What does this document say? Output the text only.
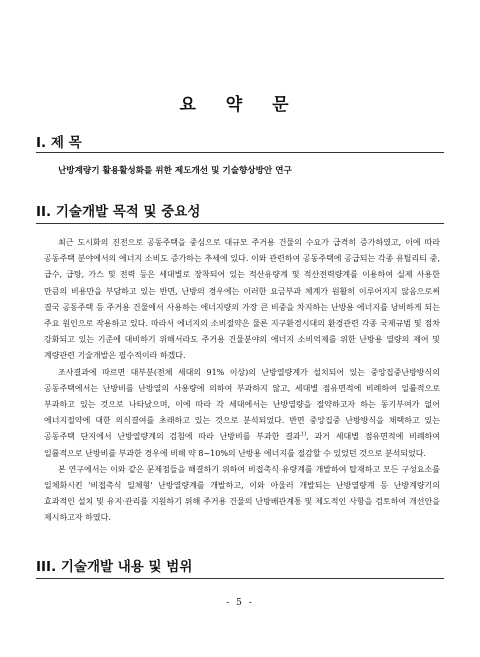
요 약 문
I. 제 목
난방계량기 활용활성화를 위한 제도개선 및 기술향상방안 연구
II. 기술개발 목적 및 중요성

최근 도시화의 진전으로 공동주택을 중심으로 대규모 주거용 건물의 수요가 급격히 증가하였고, 이에 따라 공동주택 분야에서의 에너지 소비도 증가하는 추세에 있다. 이와 관련하여 공동주택에 공급되는 각종 유틸리티 중, 급수, 급탕, 가스 및 전력 등은 세대별로 장착되어 있는 적산유량계 및 적산전력량계를 이용하여 실제 사용한 만큼의 비용만을 부담하고 있는 반면, 난방의 경우에는 이러한 요금부과 체계가 원활히 이루어지지 않음으로써 결국 공동주택 등 주거용 건물에서 사용하는 에너지량의 가장 큰 비중을 차지하는 난방용 에너지를 낭비하게 되는 주요 원인으로 작용하고 있다. 따라서 에너지의 소비절약은 물론 지구환경시대의 환경관련 각종 국제규범 및 점차 강화되고 있는 기준에 대비하기 위해서라도 주거용 건물분야의 에너지 소비억제를 위한 난방용 열량의 제어 및 계량관련 기술개발은 필수적이라 하겠다.

조사결과에 따르면 대부분(전체 세대의 91% 이상)의 난방열량계가 설치되어 있는 중앙집중난방방식의 공동주택에서는 난방비를 난방열의 사용량에 의하여 부과하지 않고, 세대별 점유면적에 비례하여 일률적으로 부과하고 있는 것으로 나타났으며, 이에 따라 각 세대에서는 난방열량을 절약하고자 하는 동기부여가 없어 에너지절약에 대한 의식결여를 초래하고 있는 것으로 분석되었다. 반면 중앙집중 난방방식을 채택하고 있는 공동주택 단지에서 난방열량계의 검침에 따라 난방비를 부과한 결과$^{1)}$, 과거 세대별 점유면적에 비례하여 일률적으로 난방비를 부과한 경우에 비해 약 8~10%의 난방용 에너지를 절감할 수 있었던 것으로 분석되었다.

본 연구에서는 이와 같은 문제점들을 해결하기 위하여 비접촉식 유량계를 개발하여 탑재하고 모든 구성요소를 일체화시킨 '비접촉식 일체형' 난방열량계를 개발하고, 이와 아울러 개발되는 난방열량계 등 난방계량기의 효과적인 설치 및 유지·관리를 지원하기 위해 주거용 건물의 난방배관계통 및 제도적인 사항을 검토하여 개선안을 제시하고자 하였다.

III. 기술개발 내용 및 범위
- 5 -
